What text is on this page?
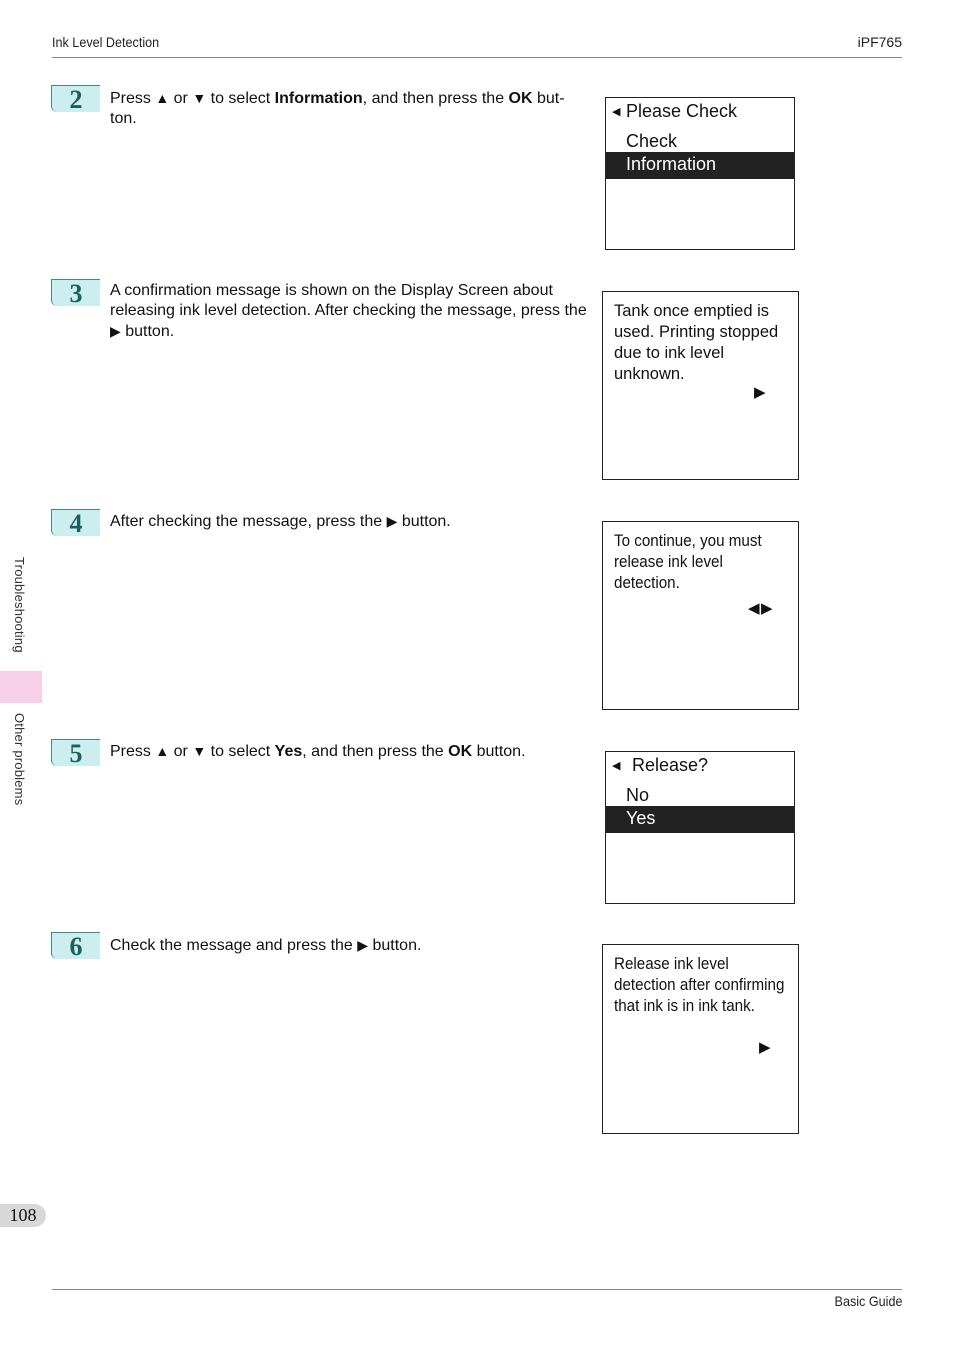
Ink Level Detection	iPF765
Troubleshooting
Other problems
2	Press ▲ or ▼ to select Information, and then press the OK but-ton.	◀ Please Check
Check
Information
3	A confirmation message is shown on the Display Screen about releasing ink level detection. After checking the message, press the ▶ button.
Tank once emptied is used. Printing stopped due to ink level unknown.
▶
4	After checking the message, press the ▶ button.
To continue, you must release ink level detection.
◀ ▶
5	Press ▲ or ▼ to select Yes, and then press the OK button.
◀ Release?
No
Yes
6	Check the message and press the ▶ button.
Release ink level detection after confirming that ink is in ink tank.
▶
108
Basic Guide
